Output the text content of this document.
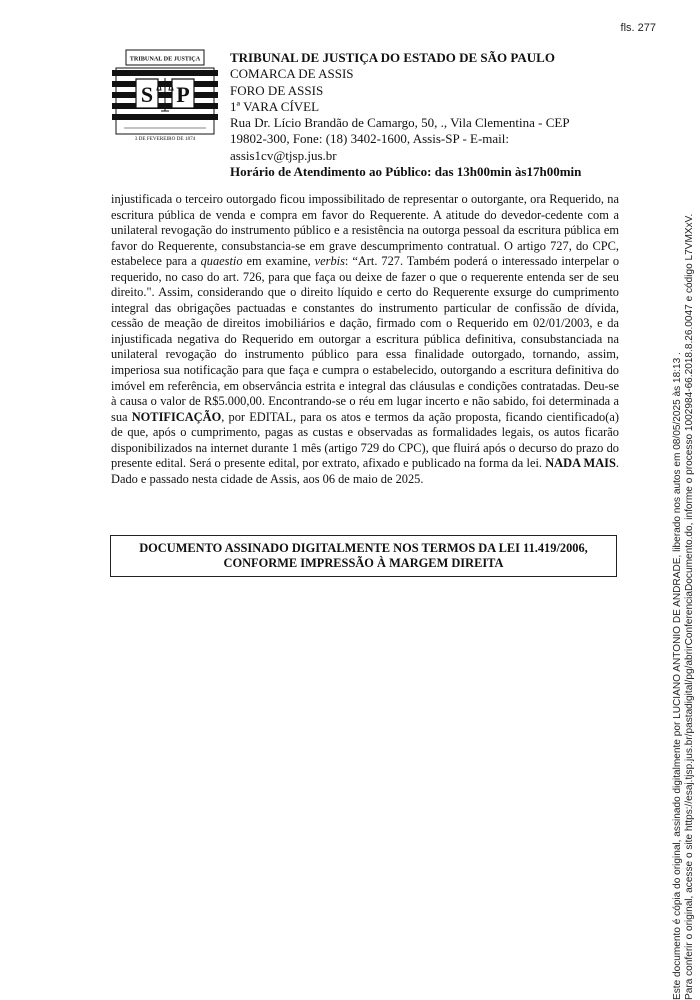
fls. 277
TRIBUNAL DE JUSTIÇA
S P
3 DE FEVEREIRO DE 1874
TRIBUNAL DE JUSTIÇA DO ESTADO DE SÃO PAULO
COMARCA DE ASSIS
FORO DE ASSIS
1ª VARA CÍVEL
Rua Dr. Lício Brandão de Camargo, 50, ., Vila Clementina - CEP
19802-300, Fone: (18) 3402-1600, Assis-SP - E-mail:
assis1cv@tjsp.jus.br
Horário de Atendimento ao Público: das 13h00min às17h00min
injustificada o terceiro outorgado ficou impossibilitado de representar o outorgante, ora Requerido, na escritura pública de venda e compra em favor do Requerente. A atitude do devedor-cedente com a unilateral revogação do instrumento público e a resistência na outorga pessoal da escritura pública em favor do Requerente, consubstancia-se em grave descumprimento contratual. O artigo 727, do CPC, estabelece para a quaestio em examine, verbis: “Art. 727. Também poderá o interessado interpelar o requerido, no caso do art. 726, para que faça ou deixe de fazer o que o requerente entenda ser de seu direito.". Assim, considerando que o direito líquido e certo do Requerente exsurge do cumprimento integral das obrigações pactuadas e constantes do instrumento particular de confissão de dívida, cessão de meação de direitos imobiliários e dação, firmado com o Requerido em 02/01/2003, e da injustificada negativa do Requerido em outorgar a escritura pública definitiva, consubstanciada na unilateral revogação do instrumento público para essa finalidade outorgado, tornando, assim, imperiosa sua notificação para que faça e cumpra o estabelecido, outorgando a escritura definitiva do imóvel em referência, em observância estrita e integral das cláusulas e condições contratadas. Deu-se à causa o valor de R$5.000,00. Encontrando-se o réu em lugar incerto e não sabido, foi determinada a sua NOTIFICAÇÃO, por EDITAL, para os atos e termos da ação proposta, ficando cientificado(a) de que, após o cumprimento, pagas as custas e observadas as formalidades legais, os autos ficarão disponibilizados na internet durante 1 mês (artigo 729 do CPC), que fluirá após o decurso do prazo do presente edital. Será o presente edital, por extrato, afixado e publicado na forma da lei. NADA MAIS. Dado e passado nesta cidade de Assis, aos 06 de maio de 2025.
DOCUMENTO ASSINADO DIGITALMENTE NOS TERMOS DA LEI 11.419/2006,
CONFORME IMPRESSÃO À MARGEM DIREITA	Este documento é cópia do original, assinado digitalmente por LUCIANO ANTONIO DE ANDRADE, liberado nos autos em 08/05/2025 às 18:13 . Para conferir o original, acesse o site https://esaj.tjsp.jus.br/pastadigital/pg/abrirConferenciaDocumento.do, informe o processo 1002984-66.2018.8.26.0047 e código L7VMXxV.
